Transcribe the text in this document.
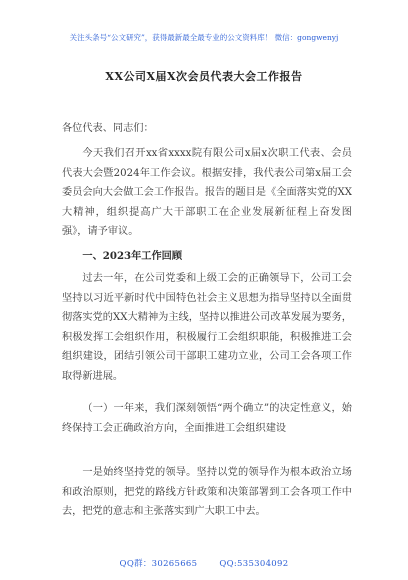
关注头条号“公文研究”，获得最新最全最专业的公文资料库！ 微信：gongwenyj
XX公司X届X次会员代表大会工作报告
各位代表、同志们：
今天我们召开xx省xxxx院有限公司x届x次职工代表、会员代表大会暨2024年工作会议。根据安排，我代表公司第x届工会委员会向大会做工会工作报告。报告的题目是《全面落实党的XX大精神，组织提高广大干部职工在企业发展新征程上奋发图强》，请予审议。
一、2023年工作回顾
过去一年，在公司党委和上级工会的正确领导下，公司工会坚持以习近平新时代中国特色社会主义思想为指导坚持以全面贯彻落实党的XX大精神为主线，坚持以推进公司改革发展为要务，积极发挥工会组织作用，积极履行工会组织职能，积极推进工会组织建设，团结引领公司干部职工建功立业，公司工会各项工作取得新进展。
（一）一年来，我们深刻领悟“两个确立”的决定性意义，始终保持工会正确政治方向，全面推进工会组织建设
一是始终坚持党的领导。坚持以党的领导作为根本政治立场和政治原则，把党的路线方针政策和决策部署到工会各项工作中去，把党的意志和主张落实到广大职工中去。
QQ群：30265665	QQ:535304092
